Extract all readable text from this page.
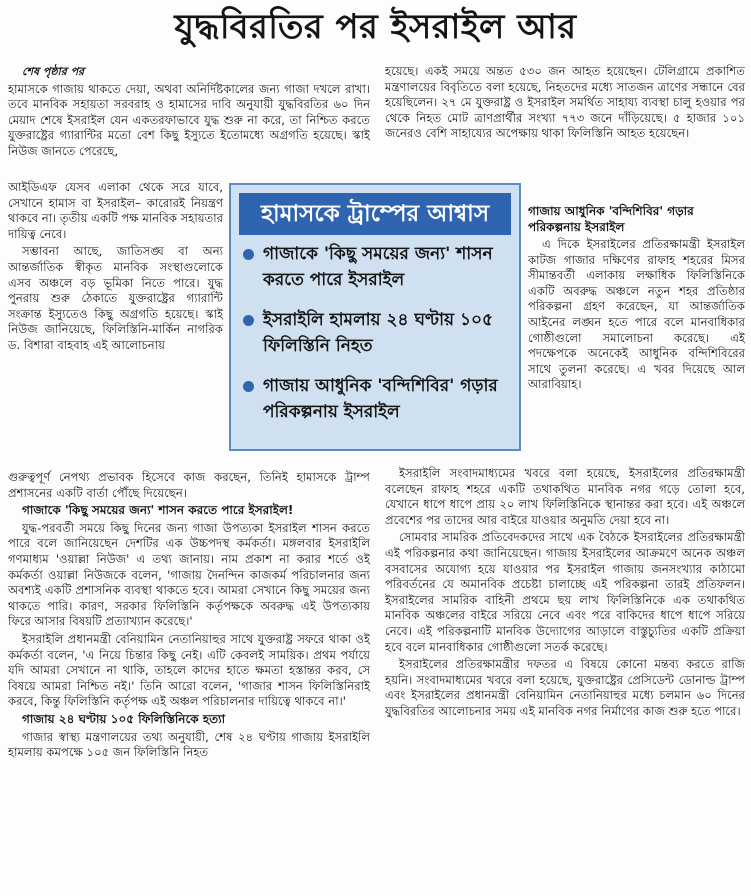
যুদ্ধবিরতির পর ইসরাইল আর

শেষ পৃষ্ঠার পর

হামাসকে গাজায় থাকতে দেয়া, অথবা অনির্দিষ্টকালের জন্য গাজা দখলে রাখা। তবে মানবিক সহায়তা সরবরাহ ও হামাসের দাবি অনুযায়ী যুদ্ধবিরতির ৬০ দিন মেয়াদ শেষে ইসরাইল যেন একতরফাভাবে যুদ্ধ শুরু না করে, তা নিশ্চিত করতে যুক্তরাষ্ট্রের গ্যারান্টির মতো বেশ কিছু ইস্যুতে ইতোমধ্যে অগ্রগতি হয়েছে। স্কাই নিউজ জানতে পেরেছে,

আইডিএফ যেসব এলাকা থেকে সরে যাবে, সেখানে হামাস বা ইসরাইল– কারোরই নিয়ন্ত্রণ থাকবে না। তৃতীয় একটি পক্ষ মানবিক সহায়তার দায়িত্ব নেবে।

সম্ভাবনা আছে, জাতিসঙ্ঘ বা অন্য আন্তর্জাতিক স্বীকৃত মানবিক সংস্থাগুলোকে এসব অঞ্চলে বড় ভূমিকা নিতে পারে। যুদ্ধ পুনরায় শুরু ঠেকাতে যুক্তরাষ্ট্রের গ্যারান্টি সংক্রান্ত ইস্যুতেও কিছু অগ্রগতি হয়েছে। স্কাই নিউজ জানিয়েছে, ফিলিস্তিনি-মার্কিন নাগরিক ড. বিশারা বাহবাহ এই আলোচনায়

গুরুত্বপূর্ণ নেপথ্য প্রভাবক হিসেবে কাজ করছেন, তিনিই হামাসকে ট্রাম্প প্রশাসনের একটি বার্তা পৌঁছে দিয়েছেন।

গাজাকে 'কিছু সময়ের জন্য' শাসন করতে পারে ইসরাইল!

যুদ্ধ-পরবর্তী সময়ে কিছু দিনের জন্য গাজা উপত্যকা ইসরাইল শাসন করতে পারে বলে জানিয়েছেন দেশটির এক উচ্চপদস্থ কর্মকর্তা। মঙ্গলবার ইসরাইলি গণমাধ্যম 'ওয়াল্লা নিউজ' এ তথ্য জানায়। নাম প্রকাশ না করার শর্তে ওই কর্মকর্তা ওয়াল্লা নিউজকে বলেন, 'গাজায় দৈনন্দিন কাজকর্ম পরিচালনার জন্য অবশ্যই একটি প্রশাসনিক ব্যবস্থা থাকতে হবে। আমরা সেখানে কিছু সময়ের জন্য থাকতে পারি। কারণ, সরকার ফিলিস্তিনি কর্তৃপক্ষকে অবরুদ্ধ এই উপত্যকায় ফিরে আসার বিষয়টি প্রত্যাখ্যান করেছে।'

ইসরাইলি প্রধানমন্ত্রী বেনিয়ামিন নেতানিয়াহুর সাথে যুক্তরাষ্ট্র সফরে থাকা ওই কর্মকর্তা বলেন, 'এ নিয়ে চিন্তার কিছু নেই। এটি কেবলই সাময়িক। প্রথম পর্যায়ে যদি আমরা সেখানে না থাকি, তাহলে কাদের হাতে ক্ষমতা হস্তান্তর করব, সে বিষয়ে আমরা নিশ্চিত নই।' তিনি আরো বলেন, 'গাজার শাসন ফিলিস্তিনিরাই করবে, কিন্তু ফিলিস্তিনি কর্তৃপক্ষ এই অঞ্চল পরিচালনার দায়িত্বে থাকবে না।'

গাজায় ২৪ ঘণ্টায় ১০৫ ফিলিস্তিনিকে হত্যা

গাজার স্বাস্থ্য মন্ত্রণালয়ের তথ্য অনুযায়ী, শেষ ২৪ ঘণ্টায় গাজায় ইসরাইলি হামলায় কমপক্ষে ১০৫ জন ফিলিস্তিনি নিহত

হামাসকে ট্রাম্পের আশ্বাস
গাজাকে 'কিছু সময়ের জন্য' শাসন করতে পারে ইসরাইল
ইসরাইলি হামলায় ২৪ ঘণ্টায় ১০৫ ফিলিস্তিনি নিহত
গাজায় আধুনিক 'বন্দিশিবির' গড়ার পরিকল্পনায় ইসরাইল

হয়েছে। একই সময়ে অন্তত ৫৩০ জন আহত হয়েছেন। টেলিগ্রামে প্রকাশিত মন্ত্রণালয়ের বিবৃতিতে বলা হয়েছে, নিহতদের মধ্যে সাতজন ত্রাণের সন্ধানে বের হয়েছিলেন। ২৭ মে যুক্তরাষ্ট্র ও ইসরাইল সমর্থিত সাহায্য ব্যবস্থা চালু হওয়ার পর থেকে নিহত মোট ত্রাণপ্রার্থীর সংখ্যা ৭৭৩ জনে দাঁড়িয়েছে। ৫ হাজার ১০১ জনেরও বেশি সাহায্যের অপেক্ষায় থাকা ফিলিস্তিনি আহত হয়েছেন।

গাজায় আধুনিক 'বন্দিশিবির' গড়ার পরিকল্পনায় ইসরাইল

এ দিকে ইসরাইলের প্রতিরক্ষামন্ত্রী ইসরাইল কাটজ গাজার দক্ষিণের রাফাহ শহরের মিসর সীমান্তবর্তী এলাকায় লক্ষাধিক ফিলিস্তিনিকে একটি অবরুদ্ধ অঞ্চলে নতুন শহর প্রতিষ্ঠার পরিকল্পনা গ্রহণ করেছেন, যা আন্তর্জাতিক আইনের লঙ্ঘন হতে পারে বলে মানবাধিকার গোষ্ঠীগুলো সমালোচনা করেছে। এই পদক্ষেপকে অনেকেই আধুনিক বন্দিশিবিরের সাথে তুলনা করেছে। এ খবর দিয়েছে আল আরাবিয়াহ।

ইসরাইলি সংবাদমাধ্যমের খবরে বলা হয়েছে, ইসরাইলের প্রতিরক্ষামন্ত্রী বলেছেন রাফাহ শহরে একটি তথাকথিত মানবিক নগর গড়ে তোলা হবে, যেখানে ধাপে ধাপে প্রায় ২০ লাখ ফিলিস্তিনিকে স্থানান্তর করা হবে। এই অঞ্চলে প্রবেশের পর তাদের আর বাইরে যাওয়ার অনুমতি দেয়া হবে না।

সোমবার সামরিক প্রতিবেদকদের সাথে এক বৈঠকে ইসরাইলের প্রতিরক্ষামন্ত্রী এই পরিকল্পনার কথা জানিয়েছেন। গাজায় ইসরাইলের আক্রমণে অনেক অঞ্চল বসবাসের অযোগ্য হয়ে যাওয়ার পর ইসরাইল গাজায় জনসংখ্যার কাঠামো পরিবর্তনের যে অমানবিক প্রচেষ্টা চালাচ্ছে এই পরিকল্পনা তারই প্রতিফলন। ইসরাইলের সামরিক বাহিনী প্রথমে ছয় লাখ ফিলিস্তিনিকে এক তথাকথিত মানবিক অঞ্চলের বাইরে সরিয়ে নেবে এবং পরে বাকিদের ধাপে ধাপে সরিয়ে নেবে। এই পরিকল্পনাটি মানবিক উদ্যোগের আড়ালে বাস্তুচ্যুতির একটি প্রক্রিয়া হবে বলে মানবাধিকার গোষ্ঠীগুলো সতর্ক করেছে।

ইসরাইলের প্রতিরক্ষামন্ত্রীর দফতর এ বিষয়ে কোনো মন্তব্য করতে রাজি হয়নি। সংবাদমাধ্যমের খবরে বলা হয়েছে, যুক্তরাষ্ট্রের প্রেসিডেন্ট ডোনাল্ড ট্রাম্প এবং ইসরাইলের প্রধানমন্ত্রী বেনিয়ামিন নেতানিয়াহুর মধ্যে চলমান ৬০ দিনের যুদ্ধবিরতির আলোচনার সময় এই মানবিক নগর নির্মাণের কাজ শুরু হতে পারে।
